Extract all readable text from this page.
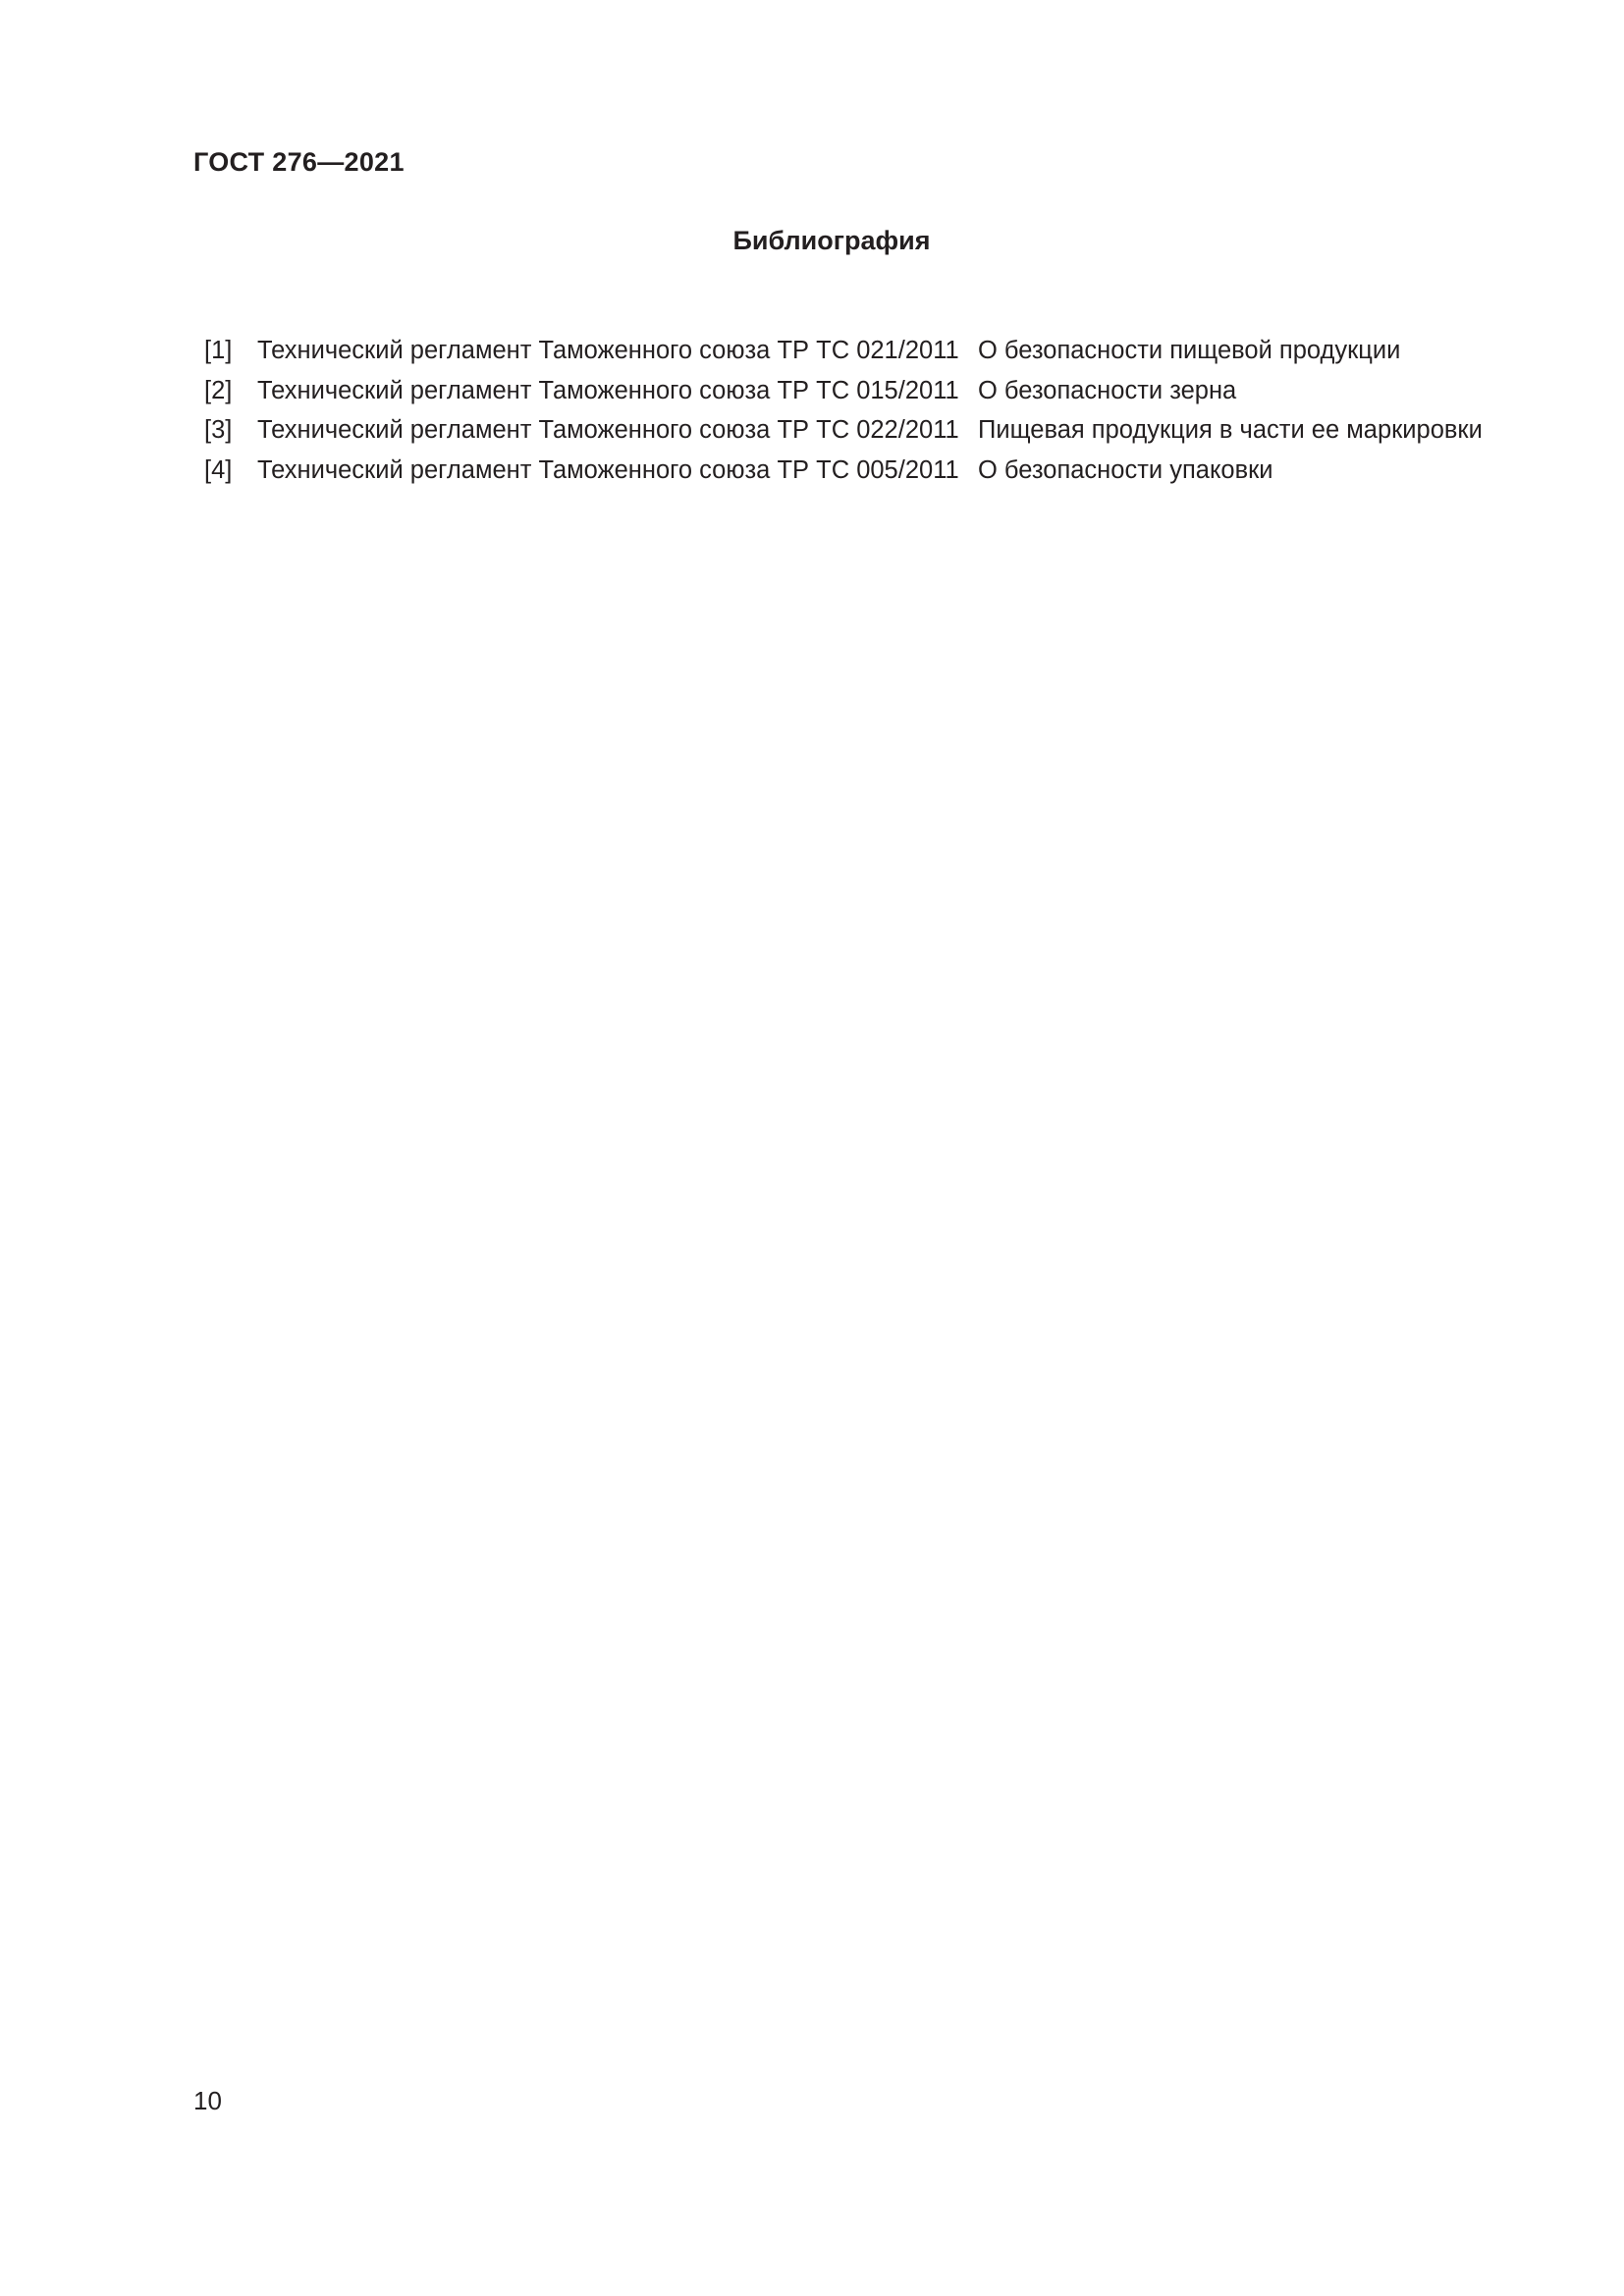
ГОСТ 276—2021

Библиография
[1]	Технический регламент Таможенного союза ТР ТС 021/2011 О безопасности пищевой продукции
[2]	Технический регламент Таможенного союза ТР ТС 015/2011 О безопасности зерна
[3]	Технический регламент Таможенного союза ТР ТС 022/2011 Пищевая продукция в части ее маркировки
[4]	Технический регламент Таможенного союза ТР ТС 005/2011 О безопасности упаковки

10
